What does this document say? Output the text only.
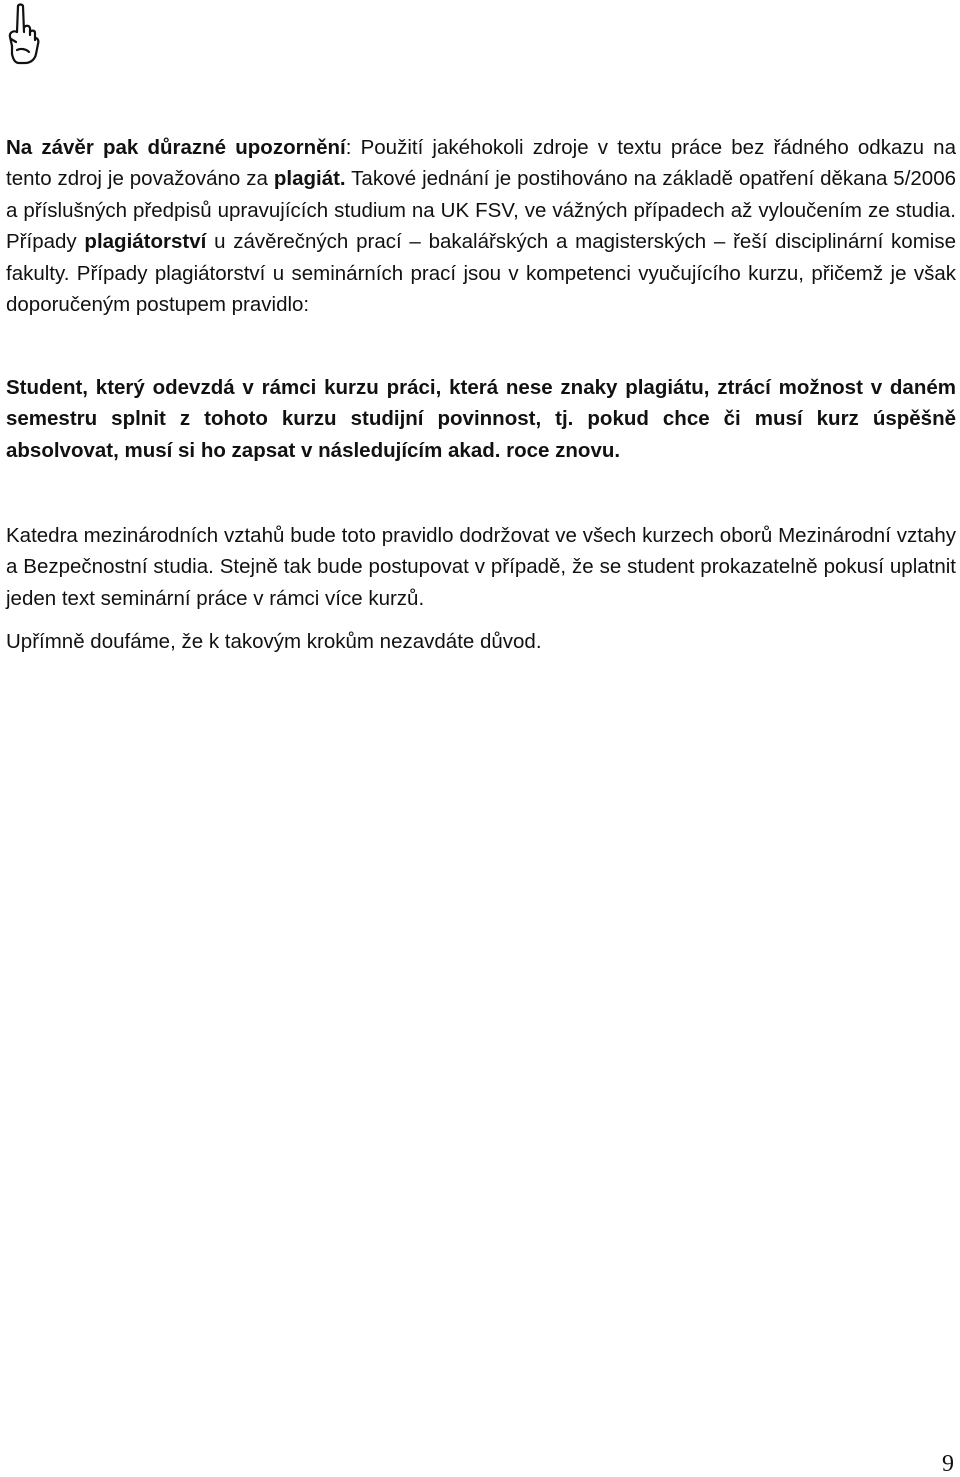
Na závěr pak důrazné upozornění: Použití jakéhokoli zdroje v textu práce bez řádného odkazu na tento zdroj je považováno za plagiát. Takové jednání je postihováno na základě opatření děkana 5/2006 a příslušných předpisů upravujících studium na UK FSV, ve vážných případech až vyloučením ze studia. Případy plagiátorství u závěrečných prací – bakalářských a magisterských – řeší disciplinární komise fakulty. Případy plagiátorství u seminárních prací jsou v kompetenci vyučujícího kurzu, přičemž je však doporučeným postupem pravidlo:

Student, který odevzdá v rámci kurzu práci, která nese znaky plagiátu, ztrácí možnost v daném semestru splnit z tohoto kurzu studijní povinnost, tj. pokud chce či musí kurz úspěšně absolvovat, musí si ho zapsat v následujícím akad. roce znovu.

Katedra mezinárodních vztahů bude toto pravidlo dodržovat ve všech kurzech oborů Mezinárodní vztahy a Bezpečnostní studia. Stejně tak bude postupovat v případě, že se student prokazatelně pokusí uplatnit jeden text seminární práce v rámci více kurzů.

Upřímně doufáme, že k takovým krokům nezavdáte důvod.

9
